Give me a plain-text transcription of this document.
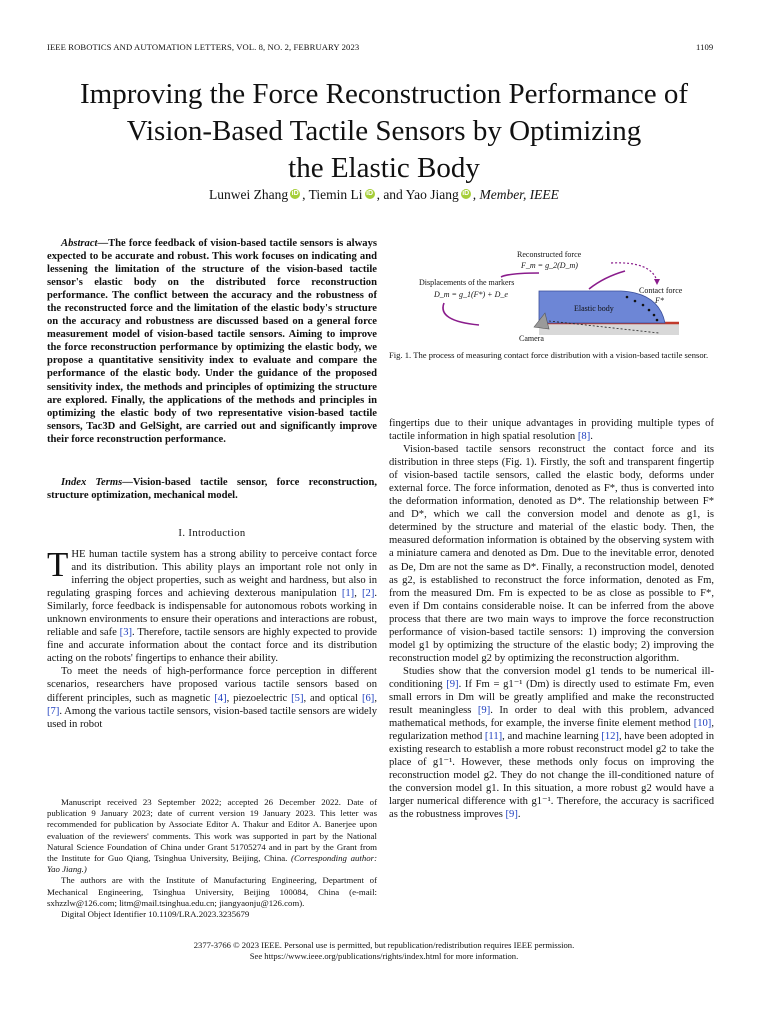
IEEE ROBOTICS AND AUTOMATION LETTERS, VOL. 8, NO. 2, FEBRUARY 2023	1109
Improving the Force Reconstruction Performance of
Vision-Based Tactile Sensors by Optimizing
the Elastic Body
Lunwei Zhang iD , Tiemin Li iD , and Yao Jiang iD , Member, IEEE

Abstract—The force feedback of vision-based tactile sensors is always expected to be accurate and robust. This work focuses on indicating and lessening the limitation of the structure of the vision-based tactile sensor's elastic body on the distributed force reconstruction performance. The conflict between the accuracy and the robustness of the reconstructed force and the limitation of the elastic body's structure on the accuracy and robustness are discussed based on a general force measurement model of vision-based tactile sensors. Aiming to improve the force reconstruction performance by optimizing the elastic body, we propose a quantitative sensitivity index to evaluate and compare the performance of the elastic body. Under the guidance of the proposed sensitivity index, the methods and principles of optimizing the structure are explored. Finally, the applications of the methods and principles in optimizing the elastic body of two representative vision-based tactile sensors, Tac3D and GelSight, are carried out and significantly improve their force reconstruction performance.

Index Terms—Vision-based tactile sensor, force reconstruction, structure optimization, mechanical model.

I. Introduction

THE human tactile system has a strong ability to perceive contact force and its distribution. This ability plays an important role not only in inferring the object properties, such as weight and hardness, but also in regulating grasping forces and achieving dexterous manipulation [1], [2]. Similarly, force feedback is indispensable for autonomous robots working in unknown environments to ensure their operations and interactions are robust, reliable and safe [3]. Therefore, tactile sensors are highly expected to provide fine and accurate information about the contact force and its distribution acting on the robots' fingertips to enhance their ability.

To meet the needs of high-performance force perception in different scenarios, researchers have proposed various tactile sensors based on different principles, such as magnetic [4], piezoelectric [5], and optical [6], [7]. Among the various tactile sensors, vision-based tactile sensors are widely used in robot

Manuscript received 23 September 2022; accepted 26 December 2022. Date of publication 9 January 2023; date of current version 19 January 2023. This letter was recommended for publication by Associate Editor A. Thakur and Editor A. Banerjee upon evaluation of the reviewers' comments. This work was supported in part by the National Natural Science Foundation of China under Grant 51705274 and in part by the Grant from the Institute for Guo Qiang, Tsinghua University, Beijing, China. (Corresponding author: Yao Jiang.)

The authors are with the Institute of Manufacturing Engineering, Department of Mechanical Engineering, Tsinghua University, Beijing 100084, China (e-mail: sxhzzlw@126.com; litm@mail.tsinghua.edu.cn; jiangyaonju@126.com).

Digital Object Identifier 10.1109/LRA.2023.3235679

Reconstructed force
F_m = g_2(D_m)
Displacements of the markers
D_m = g_1(F*) + D_e	Contact force
F*
Elastic body
Camera
Fig. 1. The process of measuring contact force distribution with a vision-based tactile sensor.

fingertips due to their unique advantages in providing multiple types of tactile information in high spatial resolution [8].

Vision-based tactile sensors reconstruct the contact force and its distribution in three steps (Fig. 1). Firstly, the soft and transparent fingertip of vision-based tactile sensors, called the elastic body, deforms under external force. The force information, denoted as F*, thus is converted into the deformation information, denoted as D*. The relationship between F* and D*, which we call the conversion model and denote as g1, is determined by the structure and material of the elastic body. Then, the measured deformation information is obtained by the observing system with a miniature camera and denoted as Dm. Due to the inevitable error, denoted as De, Dm are not the same as D*. Finally, a reconstruction model, denoted as g2, is established to reconstruct the force information, denoted as Fm, from the measured Dm. Fm is expected to be as close as possible to F*, even if Dm contains considerable noise. It can be inferred from the above process that there are two main ways to improve the force reconstruction performance of vision-based tactile sensors: 1) improving the conversion model g1 by optimizing the structure of the elastic body; 2) improving the reconstruction model g2 by optimizing the reconstruction algorithm.

Studies show that the conversion model g1 tends to be numerical ill-conditioning [9]. If Fm = g1⁻¹ (Dm) is directly used to estimate Fm, even small errors in Dm will be greatly amplified and make the reconstructed result meaningless [9]. In order to deal with this problem, advanced mathematical methods, for example, the inverse finite element method [10], regularization method [11], and machine learning [12], have been adopted in existing research to establish a more robust reconstruct model g2 to take the place of g1⁻¹. However, these methods only focus on improving the reconstruction model g2. They do not change the ill-conditioned nature of the conversion model g1. In this situation, a more robust g2 would have a larger numerical difference with g1⁻¹. Therefore, the accuracy is sacrificed as the robustness improves [9].

2377-3766 © 2023 IEEE. Personal use is permitted, but republication/redistribution requires IEEE permission.
See https://www.ieee.org/publications/rights/index.html for more information.
